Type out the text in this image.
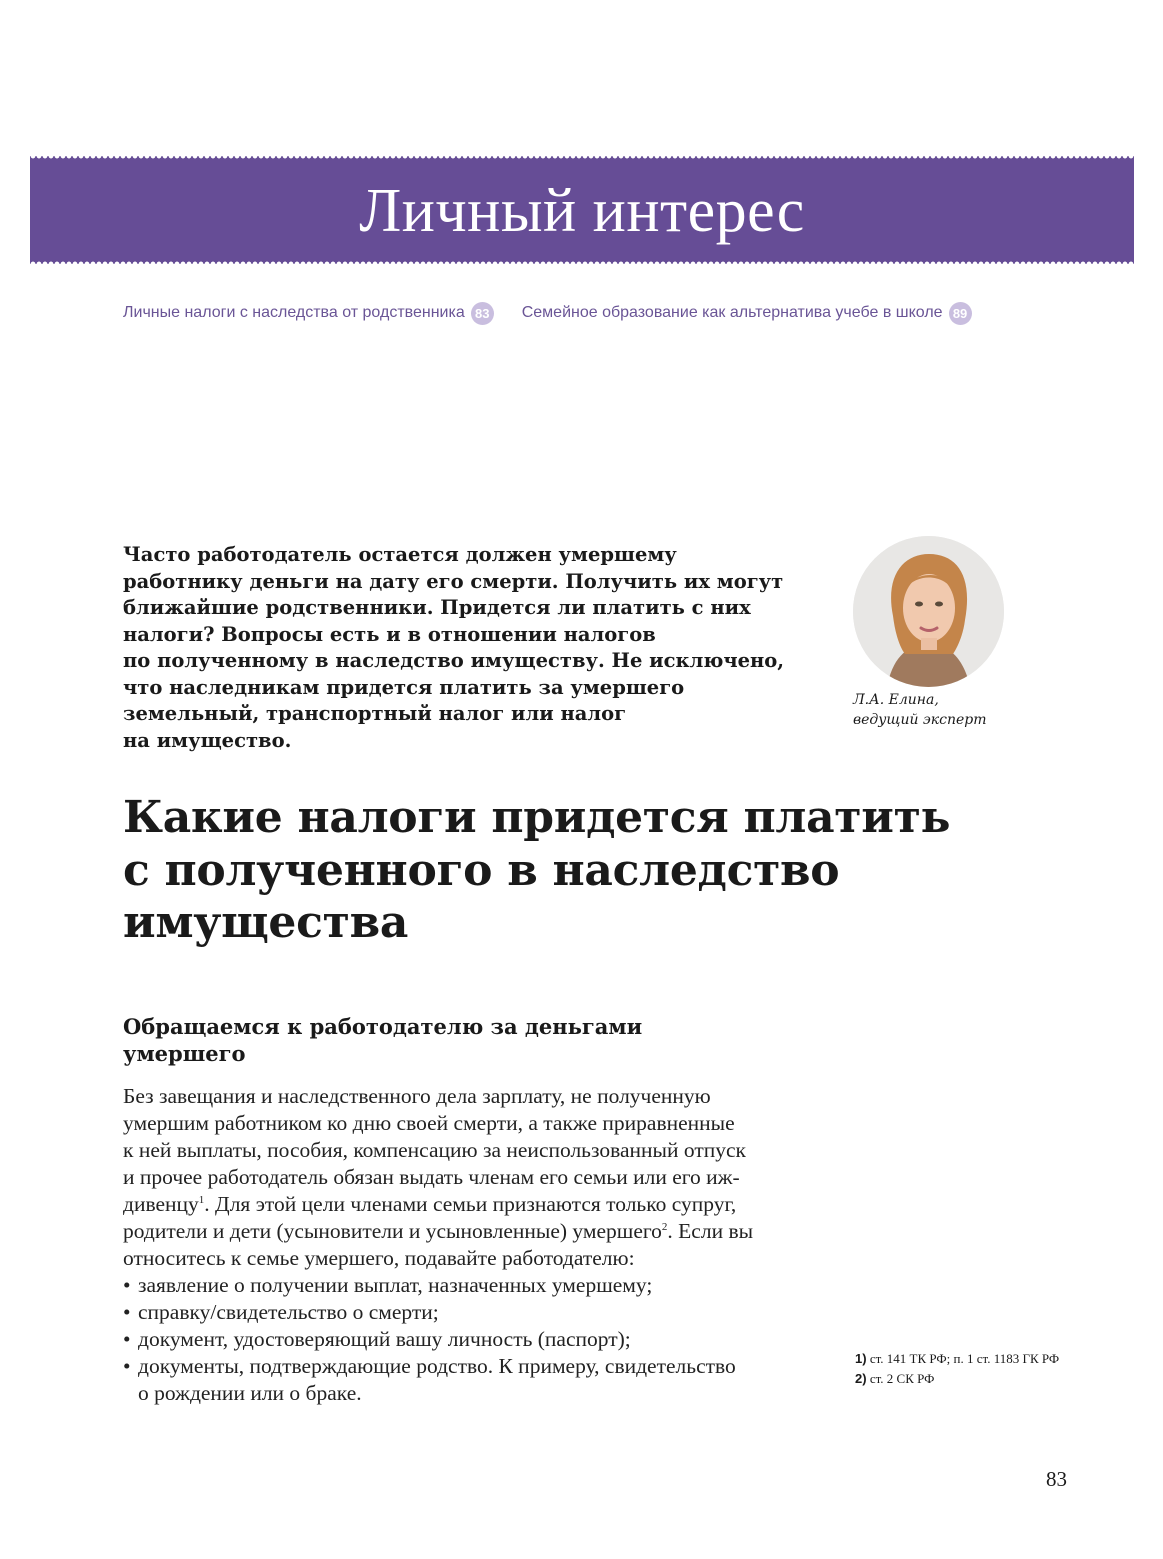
Личный интерес
Личные налоги с наследства от родственника 83 Семейное образование как альтернатива учебе в школе 89
Часто работодатель остается должен умершему
работнику деньги на дату его смерти. Получить их могут
ближайшие родственники. Придется ли платить с них
налоги? Вопросы есть и в отношении налогов
по полученному в наследство имуществу. Не исключено,
что наследникам придется платить за умершего
земельный, транспортный налог или налог
на имущество.
Л.А. Елина,
ведущий эксперт
Какие налоги придется платить
с полученного в наследство
имущества
Обращаемся к работодателю за деньгами
умершего
Без завещания и наследственного дела зарплату, не полученную
умершим работником ко дню своей смерти, а также приравненные
к ней выплаты, пособия, компенсацию за неиспользованный отпуск
и прочее работодатель обязан выдать членам его семьи или его иж-
дивенцу$^1$. Для этой цели членами семьи признаются только супруг,
родители и дети (усыновители и усыновленные) умершего$^2$. Если вы
относитесь к семье умершего, подавайте работодателю:
• заявление о получении выплат, назначенных умершему;
• справку/свидетельство о смерти;
• документ, удостоверяющий вашу личность (паспорт);
• документы, подтверждающие родство. К примеру, свидетельство
о рождении или о браке.
1) ст. 141 ТК РФ; п. 1 ст. 1183 ГК РФ
2) ст. 2 СК РФ
83
